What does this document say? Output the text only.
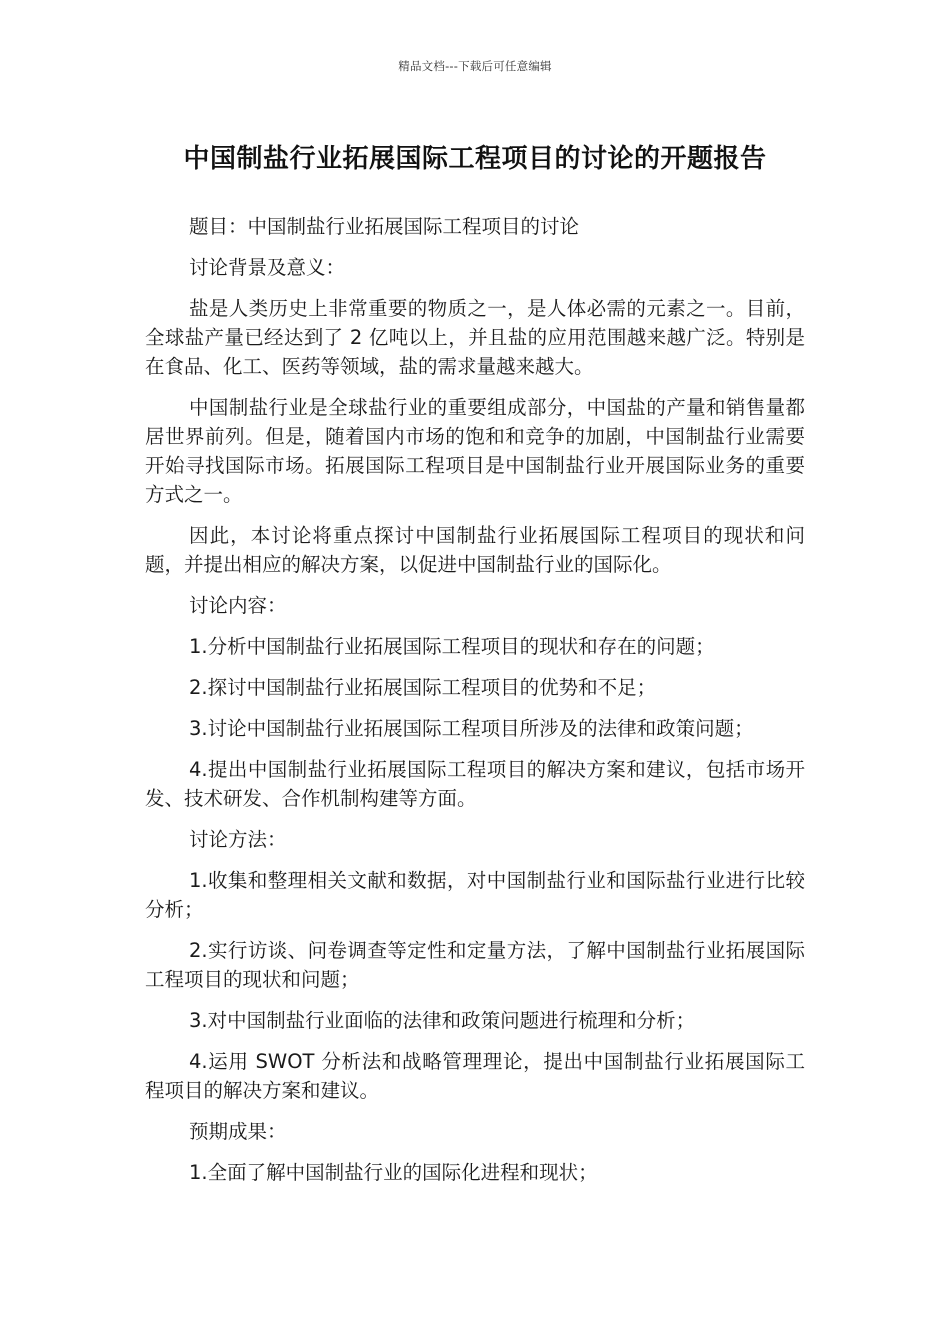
精品文档---下载后可任意编辑
中国制盐行业拓展国际工程项目的讨论的开题报告

题目：中国制盐行业拓展国际工程项目的讨论

讨论背景及意义：

盐是人类历史上非常重要的物质之一，是人体必需的元素之一。目前，全球盐产量已经达到了 2 亿吨以上，并且盐的应用范围越来越广泛。特别是在食品、化工、医药等领域，盐的需求量越来越大。

中国制盐行业是全球盐行业的重要组成部分，中国盐的产量和销售量都居世界前列。但是，随着国内市场的饱和和竞争的加剧，中国制盐行业需要开始寻找国际市场。拓展国际工程项目是中国制盐行业开展国际业务的重要方式之一。

因此，本讨论将重点探讨中国制盐行业拓展国际工程项目的现状和问题，并提出相应的解决方案，以促进中国制盐行业的国际化。

讨论内容：

1.分析中国制盐行业拓展国际工程项目的现状和存在的问题；

2.探讨中国制盐行业拓展国际工程项目的优势和不足；

3.讨论中国制盐行业拓展国际工程项目所涉及的法律和政策问题；

4.提出中国制盐行业拓展国际工程项目的解决方案和建议，包括市场开发、技术研发、合作机制构建等方面。

讨论方法：

1.收集和整理相关文献和数据，对中国制盐行业和国际盐行业进行比较分析；

2.实行访谈、问卷调查等定性和定量方法，了解中国制盐行业拓展国际工程项目的现状和问题；

3.对中国制盐行业面临的法律和政策问题进行梳理和分析；

4.运用 SWOT 分析法和战略管理理论，提出中国制盐行业拓展国际工程项目的解决方案和建议。

预期成果：

1.全面了解中国制盐行业的国际化进程和现状；
